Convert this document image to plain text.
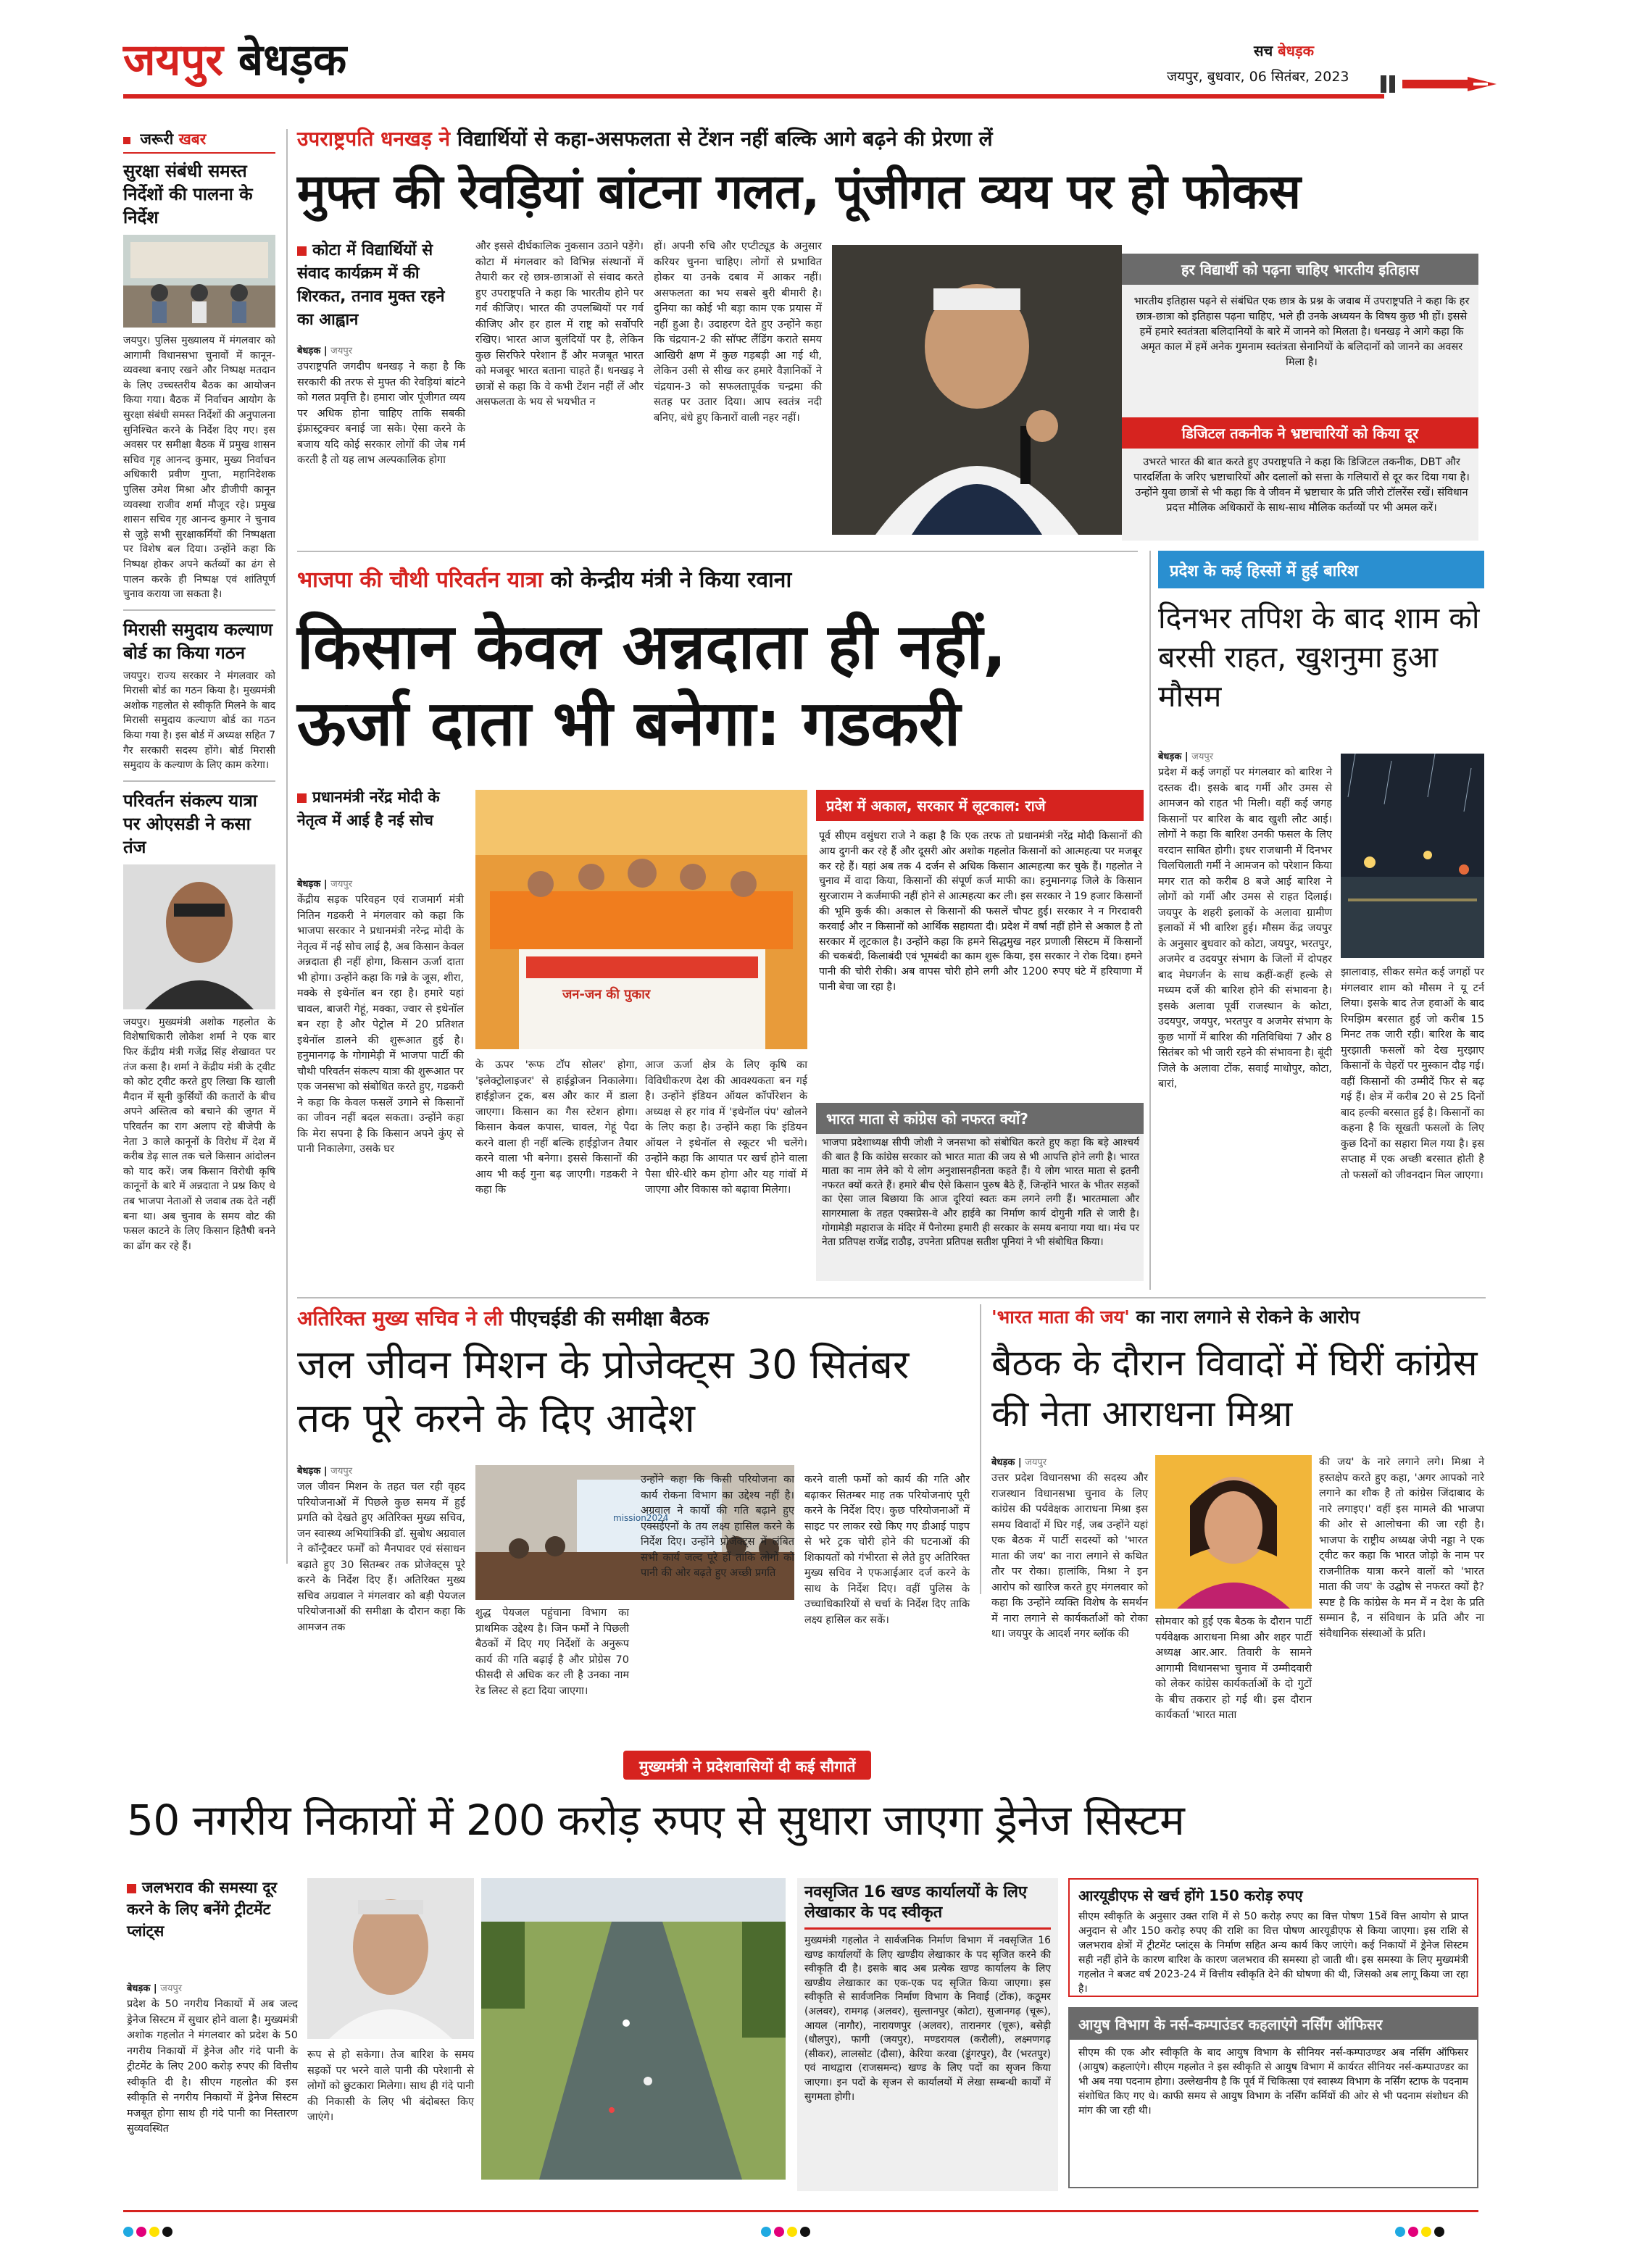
जयपुर बेधड़क	सच बेधड़क
जयपुर, बुधवार, 06 सितंबर, 2023
जरूरी खबर
सुरक्षा संबंधी समस्त निर्देशों की पालना के निर्देश
जयपुर। पुलिस मुख्यालय में मंगलवार को आगामी विधानसभा चुनावों में कानून-व्यवस्था बनाए रखने और निष्पक्ष मतदान के लिए उच्चस्तरीय बैठक का आयोजन किया गया। बैठक में निर्वाचन आयोग के सुरक्षा संबंधी समस्त निर्देशों की अनुपालना सुनिश्चित करने के निर्देश दिए गए। इस अवसर पर समीक्षा बैठक में प्रमुख शासन सचिव गृह आनन्द कुमार, मुख्य निर्वाचन अधिकारी प्रवीण गुप्ता, महानिदेशक पुलिस उमेश मिश्रा और डीजीपी कानून व्यवस्था राजीव शर्मा मौजूद रहे। प्रमुख शासन सचिव गृह आनन्द कुमार ने चुनाव से जुड़े सभी सुरक्षाकर्मियों की निष्पक्षता पर विशेष बल दिया। उन्होंने कहा कि निष्पक्ष होकर अपने कर्तव्यों का ढंग से पालन करके ही निष्पक्ष एवं शांतिपूर्ण चुनाव कराया जा सकता है।
मिरासी समुदाय कल्याण बोर्ड का किया गठन
जयपुर। राज्य सरकार ने मंगलवार को मिरासी बोर्ड का गठन किया है। मुख्यमंत्री अशोक गहलोत से स्वीकृति मिलने के बाद मिरासी समुदाय कल्याण बोर्ड का गठन किया गया है। इस बोर्ड में अध्यक्ष सहित 7 गैर सरकारी सदस्य होंगे। बोर्ड मिरासी समुदाय के कल्याण के लिए काम करेगा।
परिवर्तन संकल्प यात्रा पर ओएसडी ने कसा तंज
जयपुर। मुख्यमंत्री अशोक गहलोत के विशेषाधिकारी लोकेश शर्मा ने एक बार फिर केंद्रीय मंत्री गजेंद्र सिंह शेखावत पर तंज कसा है। शर्मा ने केंद्रीय मंत्री के ट्वीट को कोट ट्वीट करते हुए लिखा कि खाली मैदान में सूनी कुर्सियों की कतारों के बीच अपने अस्तित्व को बचाने की जुगत में परिवर्तन का राग अलाप रहे बीजेपी के नेता 3 काले कानूनों के विरोध में देश में करीब डेढ़ साल तक चले किसान आंदोलन को याद करें। जब किसान विरोधी कृषि कानूनों के बारे में अन्नदाता ने प्रश्न किए थे तब भाजपा नेताओं से जवाब तक देते नहीं बना था। अब चुनाव के समय वोट की फसल काटने के लिए किसान हितैषी बनने का ढोंग कर रहे हैं।
उपराष्ट्रपति धनखड़ ने विद्यार्थियों से कहा-असफलता से टेंशन नहीं बल्कि आगे बढ़ने की प्रेरणा लें
मुफ्त की रेवड़ियां बांटना गलत, पूंजीगत व्यय पर हो फोकस
कोटा में विद्यार्थियों से संवाद कार्यक्रम में की शिरकत, तनाव मुक्त रहने का आह्वान
बेधड़क | जयपुर
उपराष्ट्रपति जगदीप धनखड़ ने कहा है कि सरकारी की तरफ से मुफ्त की रेवड़ियां बांटने को गलत प्रवृत्ति है। हमारा जोर पूंजीगत व्यय पर अधिक होना चाहिए ताकि सबकी इंफ्रास्ट्रक्चर बनाई जा सके। ऐसा करने के बजाय यदि कोई सरकार लोगों की जेब गर्म करती है तो यह लाभ अल्पकालिक होगा
और इससे दीर्घकालिक नुकसान उठाने पड़ेंगे। कोटा में मंगलवार को विभिन्न संस्थानों में तैयारी कर रहे छात्र-छात्राओं से संवाद करते हुए उपराष्ट्रपति ने कहा कि भारतीय होने पर गर्व कीजिए। भारत की उपलब्धियों पर गर्व कीजिए और हर हाल में राष्ट्र को सर्वोपरि रखिए। भारत आज बुलंदियों पर है, लेकिन कुछ सिरफिरे परेशान हैं और मजबूत भारत को मजबूर भारत बताना चाहते हैं। धनखड़ ने छात्रों से कहा कि वे कभी टेंशन नहीं लें और असफलता के भय से भयभीत न
हों। अपनी रुचि और एप्टीट्यूड के अनुसार करियर चुनना चाहिए। लोगों से प्रभावित होकर या उनके दबाव में आकर नहीं। असफलता का भय सबसे बुरी बीमारी है। दुनिया का कोई भी बड़ा काम एक प्रयास में नहीं हुआ है। उदाहरण देते हुए उन्होंने कहा कि चंद्रयान-2 की सॉफ्ट लैंडिंग कराते समय आखिरी क्षण में कुछ गड़बड़ी आ गई थी, लेकिन उसी से सीख कर हमारे वैज्ञानिकों ने चंद्रयान-3 को सफलतापूर्वक चन्द्रमा की सतह पर उतार दिया। आप स्वतंत्र नदी बनिए, बंधे हुए किनारों वाली नहर नहीं।
हर विद्यार्थी को पढ़ना चाहिए भारतीय इतिहास
भारतीय इतिहास पढ़ने से संबंधित एक छात्र के प्रश्न के जवाब में उपराष्ट्रपति ने कहा कि हर छात्र-छात्रा को इतिहास पढ़ना चाहिए, भले ही उनके अध्ययन के विषय कुछ भी हों। इससे हमें हमारे स्वतंत्रता बलिदानियों के बारे में जानने को मिलता है। धनखड़ ने आगे कहा कि अमृत काल में हमें अनेक गुमनाम स्वतंत्रता सेनानियों के बलिदानों को जानने का अवसर मिला है।
डिजिटल तकनीक ने भ्रष्टाचारियों को किया दूर
उभरते भारत की बात करते हुए उपराष्ट्रपति ने कहा कि डिजिटल तकनीक, DBT और पारदर्शिता के जरिए भ्रष्टाचारियों और दलालों को सत्ता के गलियारों से दूर कर दिया गया है। उन्होंने युवा छात्रों से भी कहा कि वे जीवन में भ्रष्टाचार के प्रति जीरो टॉलरेंस रखें। संविधान प्रदत्त मौलिक अधिकारों के साथ-साथ मौलिक कर्तव्यों पर भी अमल करें।
भाजपा की चौथी परिवर्तन यात्रा को केन्द्रीय मंत्री ने किया रवाना
किसान केवल अन्नदाता ही नहीं,
ऊर्जा दाता भी बनेगा: गडकरी
प्रधानमंत्री नरेंद्र मोदी के नेतृत्व में आई है नई सोच
बेधड़क | जयपुर
केंद्रीय सड़क परिवहन एवं राजमार्ग मंत्री नितिन गडकरी ने मंगलवार को कहा कि भाजपा सरकार ने प्रधानमंत्री नरेन्द्र मोदी के नेतृत्व में नई सोच लाई है, अब किसान केवल अन्नदाता ही नहीं होगा, किसान ऊर्जा दाता भी होगा। उन्होंने कहा कि गन्ने के जूस, शीरा, मक्के से इथेनॉल बन रहा है। हमारे यहां चावल, बाजरी गेहूं, मक्का, ज्वार से इथेनॉल बन रहा है और पेट्रोल में 20 प्रतिशत इथेनॉल डालने की शुरूआत हुई है। हनुमानगढ़ के गोगामेड़ी में भाजपा पार्टी की चौथी परिवर्तन संकल्प यात्रा की शुरूआत पर एक जनसभा को संबोधित करते हुए, गडकरी ने कहा कि केवल फसलें उगाने से किसानों का जीवन नहीं बदल सकता। उन्होंने कहा कि मेरा सपना है कि किसान अपने कुंए से पानी निकालेगा, उसके घर
जन-जन की पुकार
के ऊपर 'रूफ टॉप सोलर' होगा, 'इलेक्ट्रोलाइजर' से हाईड्रोजन निकालेगा। हाईड्रोजन ट्रक, बस और कार में डाला जाएगा। किसान का गैस स्टेशन होगा। किसान केवल कपास, चावल, गेहूं पैदा करने वाला ही नहीं बल्कि हाईड्रोजन तैयार करने वाला भी बनेगा। इससे किसानों की आय भी कई गुना बढ़ जाएगी। गडकरी ने कहा कि
आज ऊर्जा क्षेत्र के लिए कृषि का विविधीकरण देश की आवश्यकता बन गई है। उन्होंने इंडियन ऑयल कॉर्पोरेशन के अध्यक्ष से हर गांव में 'इथेनॉल पंप' खोलने के लिए कहा है। उन्होंने कहा कि इंडियन ऑयल ने इथेनॉल से स्कूटर भी चलेंगे। उन्होंने कहा कि आयात पर खर्च होने वाला पैसा धीरे-धीरे कम होगा और यह गांवों में जाएगा और विकास को बढ़ावा मिलेगा।
प्रदेश में अकाल, सरकार में लूटकाल: राजे
पूर्व सीएम वसुंधरा राजे ने कहा है कि एक तरफ तो प्रधानमंत्री नरेंद्र मोदी किसानों की आय दुगनी कर रहे हैं और दूसरी ओर अशोक गहलोत किसानों को आत्महत्या पर मजबूर कर रहे हैं। यहां अब तक 4 दर्जन से अधिक किसान आत्महत्या कर चुके हैं। गहलोत ने चुनाव में वादा किया, किसानों की संपूर्ण कर्ज माफी का। हनुमानगढ़ जिले के किसान सुरजाराम ने कर्जमाफी नहीं होने से आत्महत्या कर ली। इस सरकार ने 19 हजार किसानों की भूमि कुर्क की। अकाल से किसानों की फसलें चौपट हुई। सरकार ने न गिरदावरी करवाई और न किसानों को आर्थिक सहायता दी। प्रदेश में वर्षा नहीं होने से अकाल है तो सरकार में लूटकाल है। उन्होंने कहा कि हमने सिद्धमुख नहर प्रणाली सिस्टम में किसानों की चकबंदी, किलाबंदी एवं भूमबंदी का काम शुरू किया, इस सरकार ने रोक दिया। हमने पानी की चोरी रोकी। अब वापस चोरी होने लगी और 1200 रुपए घंटे में हरियाणा में पानी बेचा जा रहा है।
भारत माता से कांग्रेस को नफरत क्यों?
भाजपा प्रदेशाध्यक्ष सीपी जोशी ने जनसभा को संबोधित करते हुए कहा कि बड़े आश्चर्य की बात है कि कांग्रेस सरकार को भारत माता की जय से भी आपत्ति होने लगी है। भारत माता का नाम लेने को ये लोग अनुशासनहीनता कहते हैं। ये लोग भारत माता से इतनी नफरत क्यों करते हैं। हमारे बीच ऐसे किसान पुरुष बैठे हैं, जिन्होंने भारत के भीतर सड़कों का ऐसा जाल बिछाया कि आज दूरियां स्वतः कम लगने लगी हैं। भारतमाला और सागरमाला के तहत एक्सप्रेस-वे और हाईवे का निर्माण कार्य दोगुनी गति से जारी है। गोगामेड़ी महाराज के मंदिर में पैनोरमा हमारी ही सरकार के समय बनाया गया था। मंच पर नेता प्रतिपक्ष राजेंद्र राठौड़, उपनेता प्रतिपक्ष सतीश पूनियां ने भी संबोधित किया।
प्रदेश के कई हिस्सों में हुई बारिश
दिनभर तपिश के बाद शाम को बरसी राहत, खुशनुमा हुआ मौसम
बेधड़क | जयपुर
प्रदेश में कई जगहों पर मंगलवार को बारिश ने दस्तक दी। इसके बाद गर्मी और उमस से आमजन को राहत भी मिली। वहीं कई जगह किसानों पर बारिश के बाद खुशी लौट आई। लोगों ने कहा कि बारिश उनकी फसल के लिए वरदान साबित होगी। इधर राजधानी में दिनभर चिलचिलाती गर्मी ने आमजन को परेशान किया मगर रात को करीब 8 बजे आई बारिश ने लोगों को गर्मी और उमस से राहत दिलाई। जयपुर के शहरी इलाकों के अलावा ग्रामीण इलाकों में भी बारिश हुई। मौसम केंद्र जयपुर के अनुसार बुधवार को कोटा, जयपुर, भरतपुर, अजमेर व उदयपुर संभाग के जिलों में दोपहर बाद मेघगर्जन के साथ कहीं-कहीं हल्के से मध्यम दर्जे की बारिश होने की संभावना है। इसके अलावा पूर्वी राजस्थान के कोटा, उदयपुर, जयपुर, भरतपुर व अजमेर संभाग के कुछ भागों में बारिश की गतिविधियां 7 और 8 सितंबर को भी जारी रहने की संभावना है। बूंदी जिले के अलावा टोंक, सवाई माधोपुर, कोटा, बारां,
झालावाड़, सीकर समेत कई जगहों पर मंगलवार शाम को मौसम ने यू टर्न लिया। इसके बाद तेज हवाओं के बाद रिमझिम बरसात हुई जो करीब 15 मिनट तक जारी रही। बारिश के बाद मुरझाती फसलों को देख मुरझाए किसानों के चेहरों पर मुस्कान दौड़ गई। वहीं किसानों की उम्मीदें फिर से बढ़ गई हैं। क्षेत्र में करीब 20 से 25 दिनों बाद हल्की बरसात हुई है। किसानों का कहना है कि सूखती फसलों के लिए कुछ दिनों का सहारा मिल गया है। इस सप्ताह में एक अच्छी बरसात होती है तो फसलों को जीवनदान मिल जाएगा।
अतिरिक्त मुख्य सचिव ने ली पीएचईडी की समीक्षा बैठक
जल जीवन मिशन के प्रोजेक्ट्स 30 सितंबर तक पूरे करने के दिए आदेश
बेधड़क | जयपुर
जल जीवन मिशन के तहत चल रही वृहद परियोजनाओं में पिछले कुछ समय में हुई प्रगति को देखते हुए अतिरिक्त मुख्य सचिव, जन स्वास्थ्य अभियांत्रिकी डॉ. सुबोध अग्रवाल ने कॉन्ट्रैक्टर फर्मों को मैनपावर एवं संसाधन बढ़ाते हुए 30 सितम्बर तक प्रोजेक्ट्स पूरे करने के निर्देश दिए हैं। अतिरिक्त मुख्य सचिव अग्रवाल ने मंगलवार को बड़ी पेयजल परियोजनाओं की समीक्षा के दौरान कहा कि आमजन तक
mission2024
शुद्ध पेयजल पहुंचाना विभाग का प्राथमिक उद्देश्य है। जिन फर्मों ने पिछली बैठकों में दिए गए निर्देशों के अनुरूप कार्य की गति बढ़ाई है और प्रोग्रेस 70 फीसदी से अधिक कर ली है उनका नाम रेड लिस्ट से हटा दिया जाएगा।
उन्होंने कहा कि किसी परियोजना का कार्य रोकना विभाग का उद्देश्य नहीं है। अग्रवाल ने कार्यों की गति बढ़ाने हुए एक्सईएनों के तय लक्ष्य हासिल करने के निर्देश दिए। उन्होंने प्रोजेक्ट्स में लंबित सभी कार्य जल्द पूरे हों ताकि लोगों को पानी की ओर बढ़ते हुए अच्छी प्रगति
करने वाली फर्मों को कार्य की गति और बढ़ाकर सितम्बर माह तक परियोजनाएं पूरी करने के निर्देश दिए। कुछ परियोजनाओं में साइट पर लाकर रखे किए गए डीआई पाइप से भरे ट्रक चोरी होने की घटनाओं की शिकायतों को गंभीरता से लेते हुए अतिरिक्त मुख्य सचिव ने एफआईआर दर्ज करने के साथ के निर्देश दिए। वहीं पुलिस के उच्चाधिकारियों से चर्चा के निर्देश दिए ताकि लक्ष्य हासिल कर सकें।
'भारत माता की जय' का नारा लगाने से रोकने के आरोप
बैठक के दौरान विवादों में घिरीं कांग्रेस की नेता आराधना मिश्रा
बेधड़क | जयपुर
उत्तर प्रदेश विधानसभा की सदस्य और राजस्थान विधानसभा चुनाव के लिए कांग्रेस की पर्यवेक्षक आराधना मिश्रा इस समय विवादों में घिर गईं, जब उन्होंने यहां एक बैठक में पार्टी सदस्यों को 'भारत माता की जय' का नारा लगाने से कथित तौर पर रोका। हालांकि, मिश्रा ने इन आरोप को खारिज करते हुए मंगलवार को कहा कि उन्होंने व्यक्ति विशेष के समर्थन में नारा लगाने से कार्यकर्ताओं को रोका था। जयपुर के आदर्श नगर ब्लॉक की
सोमवार को हुई एक बैठक के दौरान पार्टी पर्यवेक्षक आराधना मिश्रा और शहर पार्टी अध्यक्ष आर.आर. तिवारी के सामने आगामी विधानसभा चुनाव में उम्मीदवारी को लेकर कांग्रेस कार्यकर्ताओं के दो गुटों के बीच तकरार हो गई थी। इस दौरान कार्यकर्ता 'भारत माता
की जय' के नारे लगाने लगे। मिश्रा ने हस्तक्षेप करते हुए कहा, 'अगर आपको नारे लगाने का शौक है तो कांग्रेस जिंदाबाद के नारे लगाइए।' वहीं इस मामले की भाजपा की ओर से आलोचना की जा रही है। भाजपा के राष्ट्रीय अध्यक्ष जेपी नड्डा ने एक ट्वीट कर कहा कि भारत जोड़ो के नाम पर राजनीतिक यात्रा करने वालों को 'भारत माता की जय' के उद्घोष से नफरत क्यों है? स्पष्ट है कि कांग्रेस के मन में न देश के प्रति सम्मान है, न संविधान के प्रति और ना संवैधानिक संस्थाओं के प्रति।
मुख्यमंत्री ने प्रदेशवासियों दी कई सौगातें
50 नगरीय निकायों में 200 करोड़ रुपए से सुधारा जाएगा ड्रेनेज सिस्टम
जलभराव की समस्या दूर करने के लिए बनेंगे ट्रीटमेंट प्लांट्स
बेधड़क | जयपुर
प्रदेश के 50 नगरीय निकायों में अब जल्द ड्रेनेज सिस्टम में सुधार होने वाला है। मुख्यमंत्री अशोक गहलोत ने मंगलवार को प्रदेश के 50 नगरीय निकायों में ड्रेनेज और गंदे पानी के ट्रीटमेंट के लिए 200 करोड़ रुपए की वित्तीय स्वीकृति दी है। सीएम गहलोत की इस स्वीकृति से नगरीय निकायों में ड्रेनेज सिस्टम मजबूत होगा साथ ही गंदे पानी का निस्तारण सुव्यवस्थित
रूप से हो सकेगा। तेज बारिश के समय सड़कों पर भरने वाले पानी की परेशानी से लोगों को छुटकारा मिलेगा। साथ ही गंदे पानी की निकासी के लिए भी बंदोबस्त किए जाएंगे।
नवसृजित 16 खण्ड कार्यालयों के लिए लेखाकार के पद स्वीकृत
मुख्यमंत्री गहलोत ने सार्वजनिक निर्माण विभाग में नवसृजित 16 खण्ड कार्यालयों के लिए खण्डीय लेखाकार के पद सृजित करने की स्वीकृति दी है। इसके बाद अब प्रत्येक खण्ड कार्यालय के लिए खण्डीय लेखाकार का एक-एक पद सृजित किया जाएगा। इस स्वीकृति से सार्वजनिक निर्माण विभाग के निवाई (टोंक), कठूमर (अलवर), रामगढ़ (अलवर), सुल्तानपुर (कोटा), सुजानगढ़ (चूरू), आयल (नागौर), नारायणपुर (अलवर), तारानगर (चूरू), बसेड़ी (धौलपुर), फागी (जयपुर), मण्डरायल (करौली), लक्ष्मणगढ़ (सीकर), लालसोट (दौसा), केरिया करवा (डूंगरपुर), वैर (भरतपुर) एवं नाथद्वारा (राजसमन्द) खण्ड के लिए पदों का सृजन किया जाएगा। इन पदों के सृजन से कार्यालयों में लेखा सम्बन्धी कार्यों में सुगमता होगी।
आरयूडीएफ से खर्च होंगे 150 करोड़ रुपए
सीएम स्वीकृति के अनुसार उक्त राशि में से 50 करोड़ रुपए का वित्त पोषण 15वें वित्त आयोग से प्राप्त अनुदान से और 150 करोड़ रुपए की राशि का वित्त पोषण आरयूडीएफ से किया जाएगा। इस राशि से जलभराव क्षेत्रों में ट्रीटमेंट प्लांट्स के निर्माण सहित अन्य कार्य किए जाएंगे। कई निकायों में ड्रेनेज सिस्टम सही नहीं होने के कारण बारिश के कारण जलभराव की समस्या हो जाती थी। इस समस्या के लिए मुख्यमंत्री गहलोत ने बजट वर्ष 2023-24 में वित्तीय स्वीकृति देने की घोषणा की थी, जिसको अब लागू किया जा रहा है।
आयुष विभाग के नर्स-कम्पाउंडर कहलाएंगे नर्सिंग ऑफिसर
सीएम की एक और स्वीकृति के बाद आयुष विभाग के सीनियर नर्स-कम्पाउण्डर अब नर्सिंग ऑफिसर (आयुष) कहलाएंगे। सीएम गहलोत ने इस स्वीकृति से आयुष विभाग में कार्यरत सीनियर नर्स-कम्पाउण्डर का भी अब नया पदनाम होगा। उल्लेखनीय है कि पूर्व में चिकित्सा एवं स्वास्थ्य विभाग के नर्सिंग स्टाफ के पदनाम संशोधित किए गए थे। काफी समय से आयुष विभाग के नर्सिंग कर्मियों की ओर से भी पदनाम संशोधन की मांग की जा रही थी।
